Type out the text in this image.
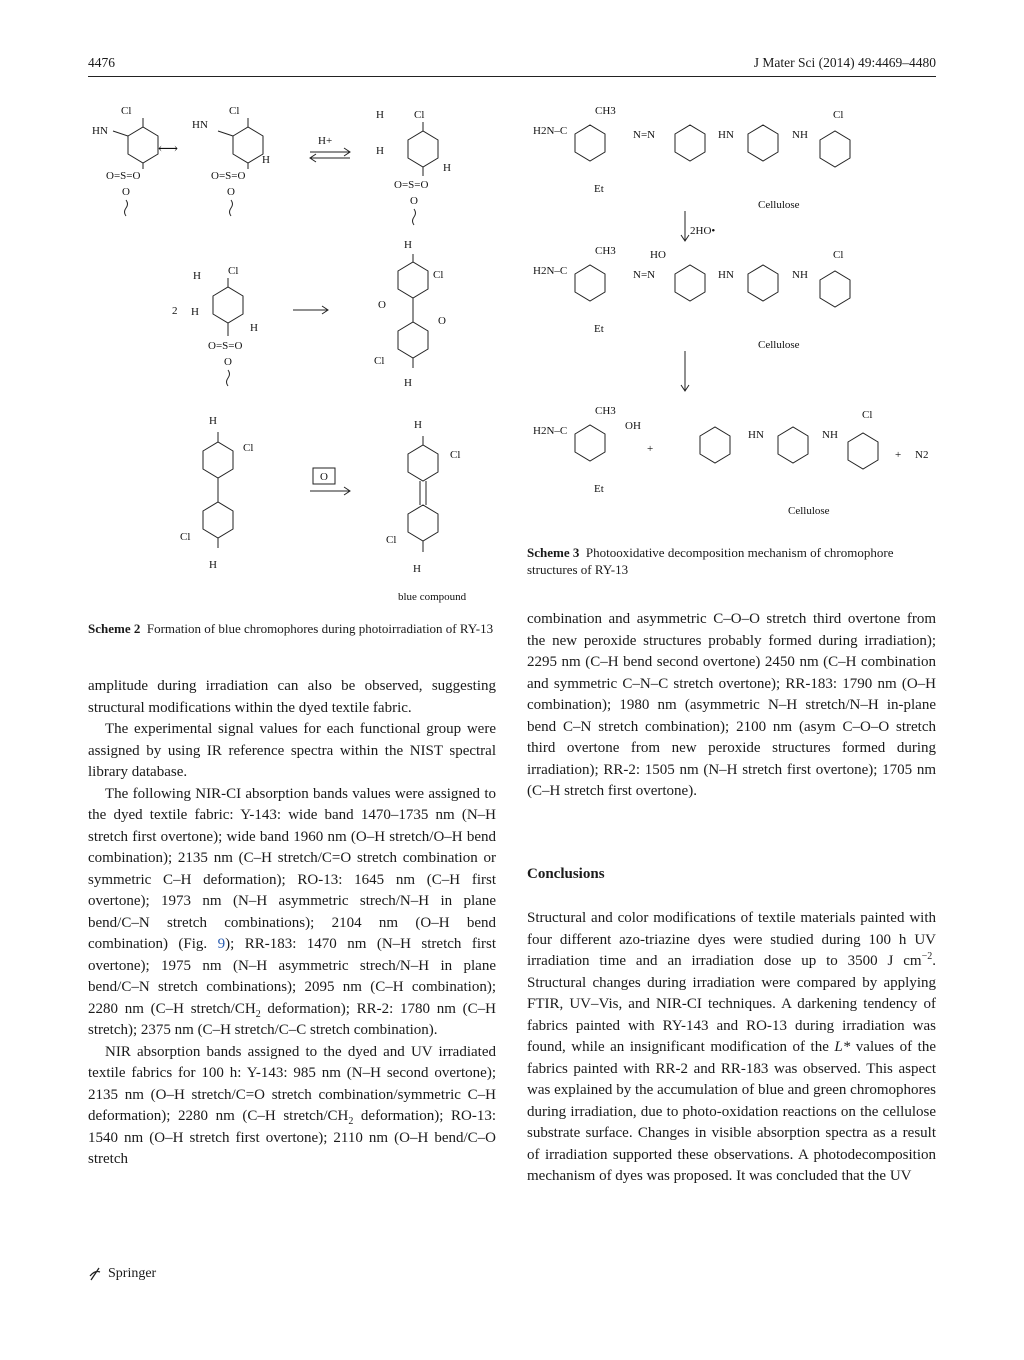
4476	J Mater Sci (2014) 49:4469–4480
Cl
HN
O=S=O
O
⟷
Cl
HN
H
O=S=O
O
H+
Cl
H
H
H
O=S=O
O
2
Cl
H
H
H
O=S=O
O
H
Cl
H
Cl
O
O
H
Cl
H
Cl
O
H
Cl
H
Cl
blue compound
CH3
H2N–C	N=N	HN	NH
Cl
Cellulose
Et
2HO•
CH3
H2N–C
HO
N=N	HN	NH
Cl
Cellulose
Et
CH3
H2N–C	OH
+
Et
HN	NH
Cl
Cellulose
+ N2
Scheme 2 Formation of blue chromophores during photoirradiation of RY-13
Scheme 3 Photooxidative decomposition mechanism of chromophore structures of RY-13

amplitude during irradiation can also be observed, suggesting structural modifications within the dyed textile fabric.

The experimental signal values for each functional group were assigned by using IR reference spectra within the NIST spectral library database.

The following NIR-CI absorption bands values were assigned to the dyed textile fabric: Y-143: wide band 1470–1735 nm (N–H stretch first overtone); wide band 1960 nm (O–H stretch/O–H bend combination); 2135 nm (C–H stretch/C=O stretch combination or symmetric C–H deformation); RO-13: 1645 nm (C–H first overtone); 1973 nm (N–H asymmetric strech/N–H in plane bend/C–N stretch combinations); 2104 nm (O–H bend combination) (Fig. 9); RR-183: 1470 nm (N–H stretch first overtone); 1975 nm (N–H asymmetric strech/N–H in plane bend/C–N stretch combinations); 2095 nm (C–H combination); 2280 nm (C–H stretch/$CH_2$ deformation); RR-2: 1780 nm (C–H stretch); 2375 nm (C–H stretch/C–C stretch combination).

NIR absorption bands assigned to the dyed and UV irradiated textile fabrics for 100 h: Y-143: 985 nm (N–H second overtone); 2135 nm (O–H stretch/C=O stretch combination/symmetric C–H deformation); 2280 nm (C–H stretch/$CH_2$ deformation); RO-13: 1540 nm (O–H stretch first overtone); 2110 nm (O–H bend/C–O stretch

combination and asymmetric C–O–O stretch third overtone from the new peroxide structures probably formed during irradiation); 2295 nm (C–H bend second overtone) 2450 nm (C–H combination and symmetric C–N–C stretch overtone); RR-183: 1790 nm (O–H combination); 1980 nm (asymmetric N–H stretch/N–H in-plane bend C–N stretch combination); 2100 nm (asym C–O–O stretch third overtone from new peroxide structures formed during irradiation); RR-2: 1505 nm (N–H stretch first overtone); 1705 nm (C–H stretch first overtone).

Conclusions

Structural and color modifications of textile materials painted with four different azo-triazine dyes were studied during 100 h UV irradiation time and an irradiation dose up to 3500 J $cm^{-2}$. Structural changes during irradiation were compared by applying FTIR, UV–Vis, and NIR-CI techniques. A darkening tendency of fabrics painted with RY-143 and RO-13 during irradiation was found, while an insignificant modification of the L* values of the fabrics painted with RR-2 and RR-183 was observed. This aspect was explained by the accumulation of blue and green chromophores during irradiation, due to photo-oxidation reactions on the cellulose substrate surface. Changes in visible absorption spectra as a result of irradiation supported these observations. A photodecomposition mechanism of dyes was proposed. It was concluded that the UV

Springer
